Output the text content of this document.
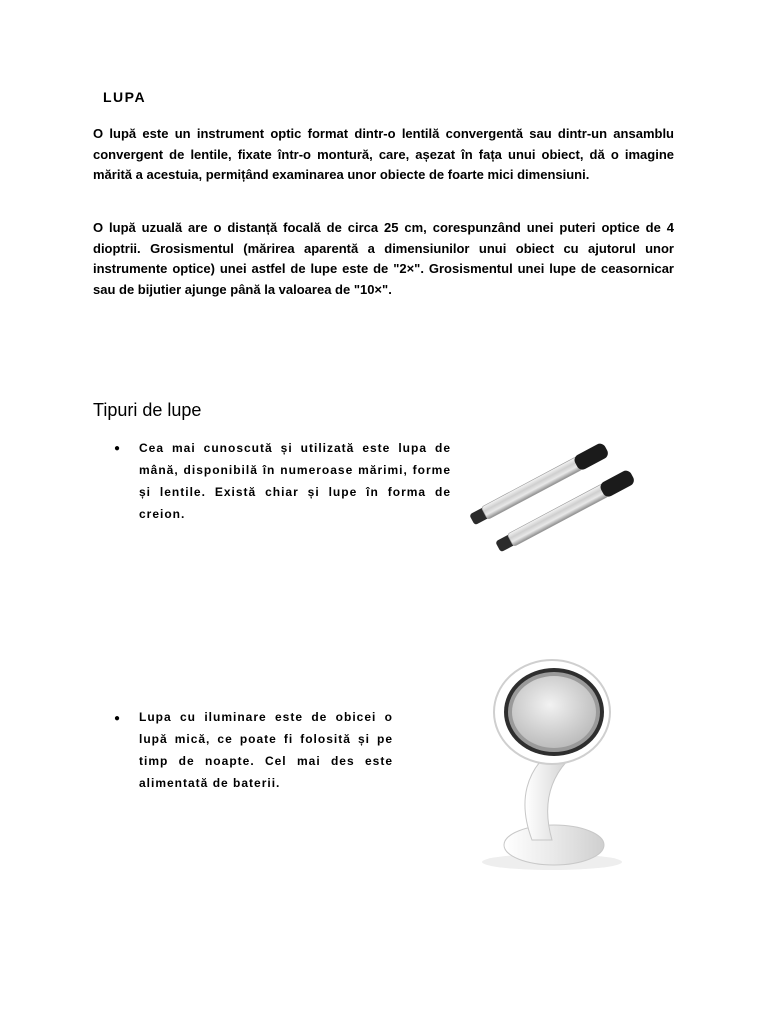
LUPA

O lupă este un instrument optic format dintr-o lentilă convergentă sau dintr-un ansamblu convergent de lentile, fixate într-o montură, care, așezat în fața unui obiect, dă o imagine mărită a acestuia, permițând examinarea unor obiecte de foarte mici dimensiuni.

O lupă uzuală are o distanță focală de circa 25 cm, corespunzând unei puteri optice de 4 dioptrii. Grosismentul (mărirea aparentă a dimensiunilor unui obiect cu ajutorul unor instrumente optice) unei astfel de lupe este de "2×". Grosismentul unei lupe de ceasornicar sau de bijutier ajunge până la valoarea de "10×".

Tipuri de lupe
● Cea mai cunoscută și utilizată este lupa de mână, disponibilă în numeroase mărimi, forme și lentile. Există chiar și lupe în forma de creion.

● Lupa cu iluminare este de obicei o lupă mică, ce poate fi folosită și pe timp de noapte. Cel mai des este alimentată de baterii.
